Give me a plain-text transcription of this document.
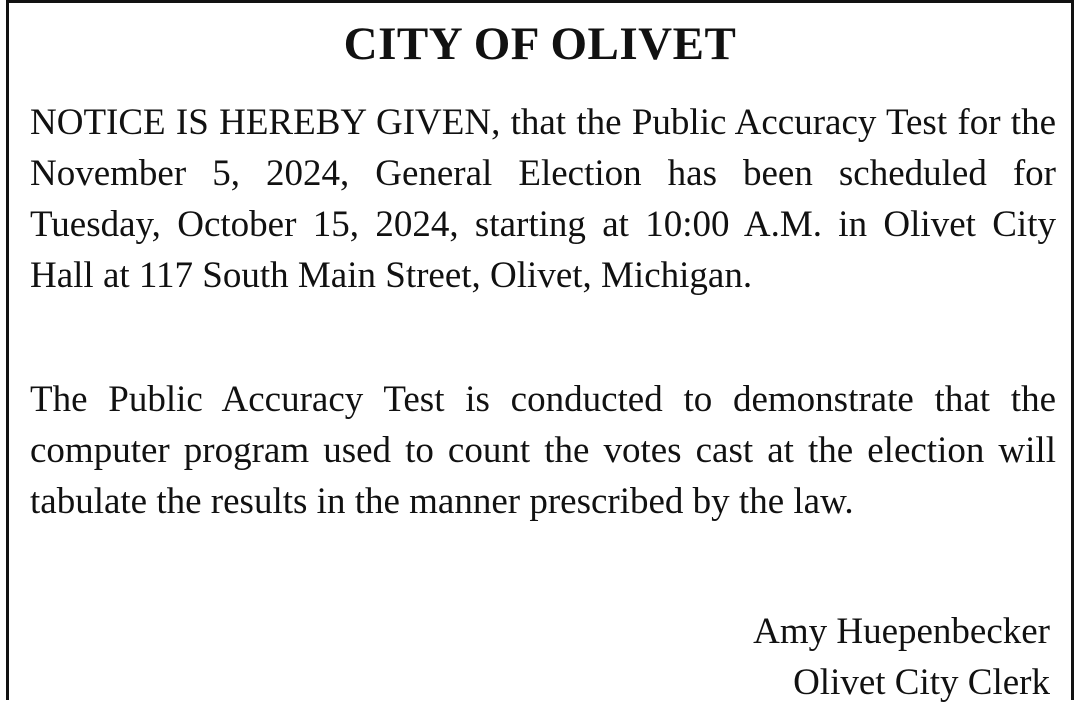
CITY OF OLIVET

NOTICE IS HEREBY GIVEN, that the Public Accuracy Test for the November 5, 2024, General Election has been scheduled for Tuesday, October 15, 2024, starting at 10:00 A.M. in Olivet City Hall at 117 South Main Street, Olivet, Michigan.

The Public Accuracy Test is conducted to demonstrate that the computer program used to count the votes cast at the election will tabulate the results in the manner prescribed by the law.

Amy Huepenbecker
Olivet City Clerk
